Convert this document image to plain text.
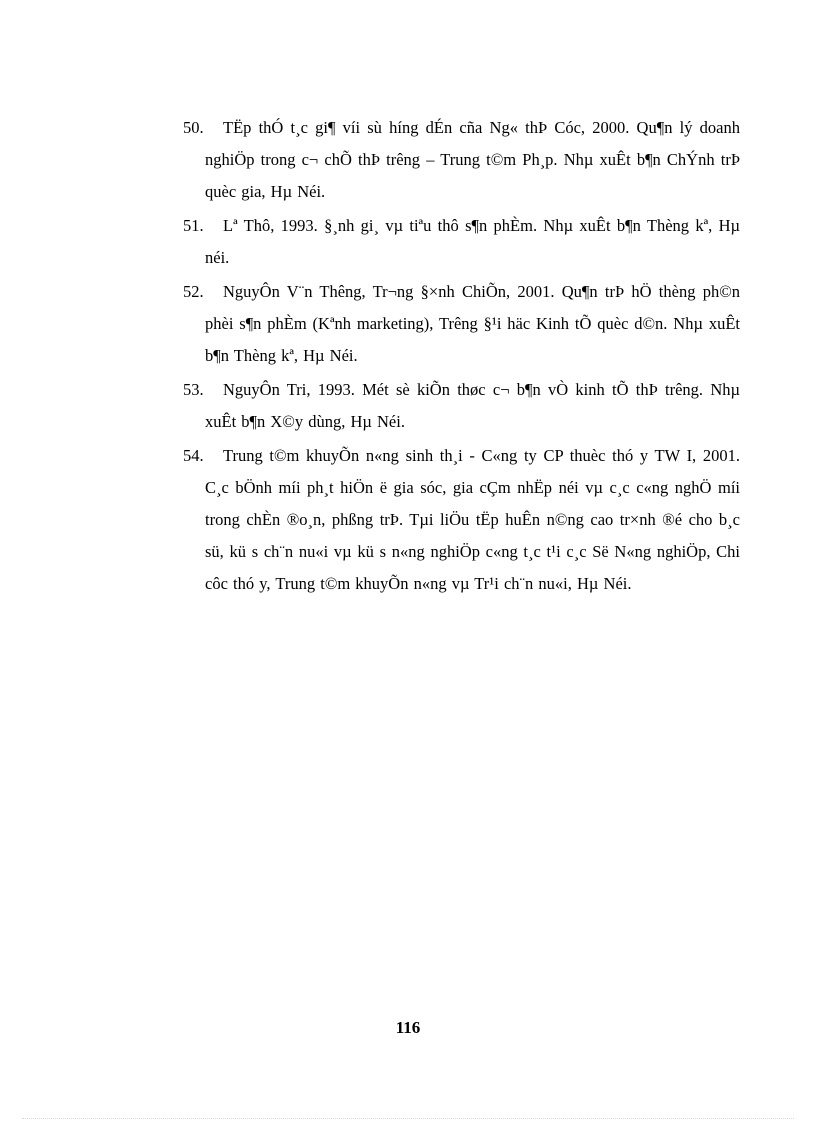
50. TËp thÓ t¸c gi¶ víi sù híng dÉn cña Ng« thÞ Cóc, 2000. Qu¶n lý doanh nghiÖp trong c¬ chÕ thÞ trêng – Trung t©m Ph¸p. Nhµ xuÊt b¶n ChÝnh trÞ quèc gia, Hµ Néi.
51. Lª Thô, 1993. §¸nh gi¸ vµ tiªu thô s¶n phÈm. Nhµ xuÊt b¶n Thèng kª, Hµ néi.
52. NguyÔn V¨n Thêng, Tr¬ng §×nh ChiÕn, 2001. Qu¶n trÞ hÖ thèng ph©n phèi s¶n phÈm (Kªnh marketing), Trêng §¹i häc Kinh tÕ quèc d©n. Nhµ xuÊt b¶n Thèng kª, Hµ Néi.
53. NguyÔn Tri, 1993. Mét sè kiÕn thøc c¬ b¶n vÒ kinh tÕ thÞ trêng. Nhµ xuÊt b¶n X©y dùng, Hµ Néi.
54. Trung t©m khuyÕn n«ng sinh th¸i - C«ng ty CP thuèc thó y TW I, 2001. C¸c bÖnh míi ph¸t hiÖn ë gia sóc, gia cÇm nhËp néi vµ c¸c c«ng nghÖ míi trong chÈn ®o¸n, phßng trÞ. Tµi liÖu tËp huÊn n©ng cao tr×nh ®é cho b¸c sü, kü s ch¨n nu«i vµ kü s n«ng nghiÖp c«ng t¸c t¹i c¸c Së N«ng nghiÖp, Chi côc thó y, Trung t©m khuyÕn n«ng vµ Tr¹i ch¨n nu«i, Hµ Néi.
116
